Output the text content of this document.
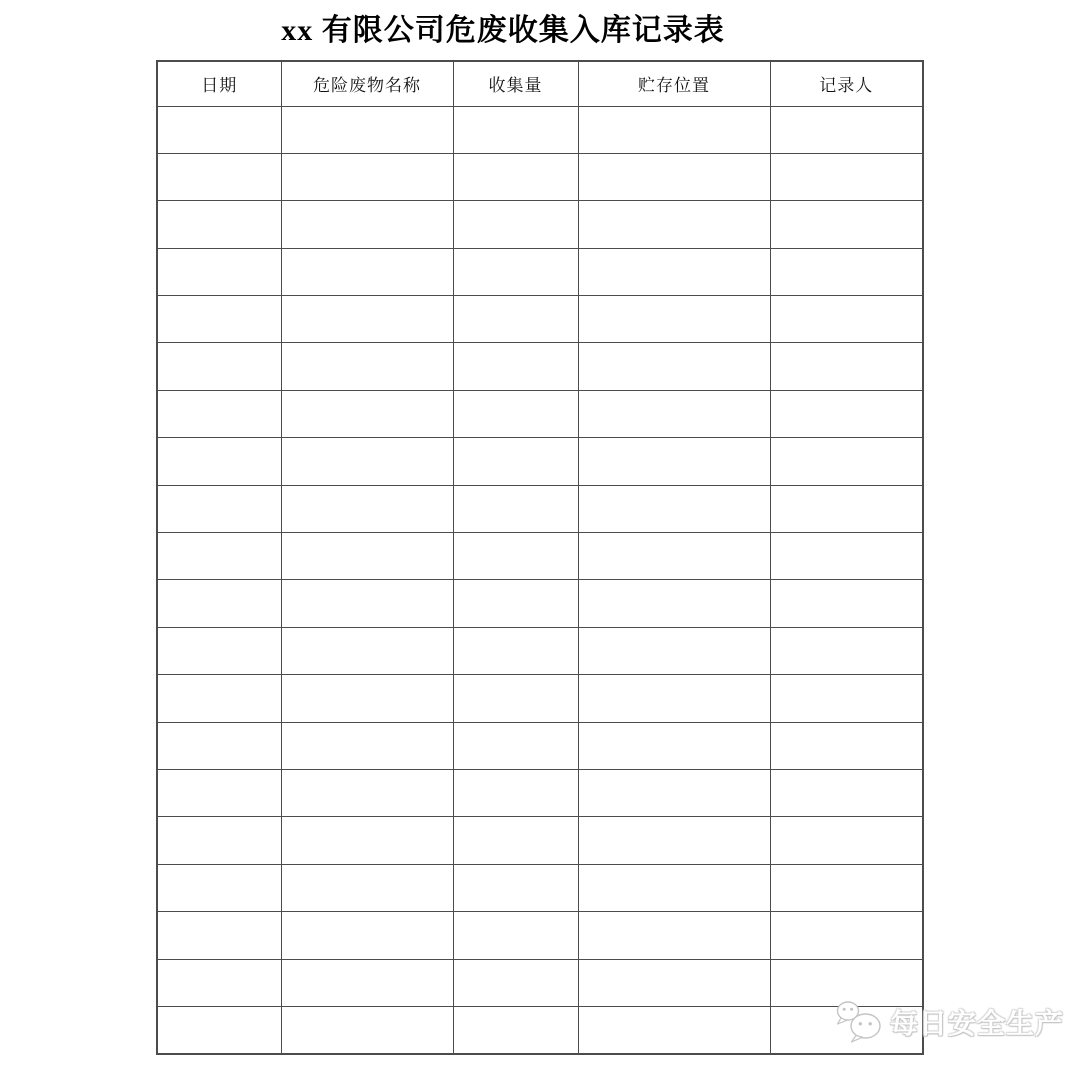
xx 有限公司危废收集入库记录表
日期	危险废物名称	收集量	贮存位置	记录人

每日安全生产
